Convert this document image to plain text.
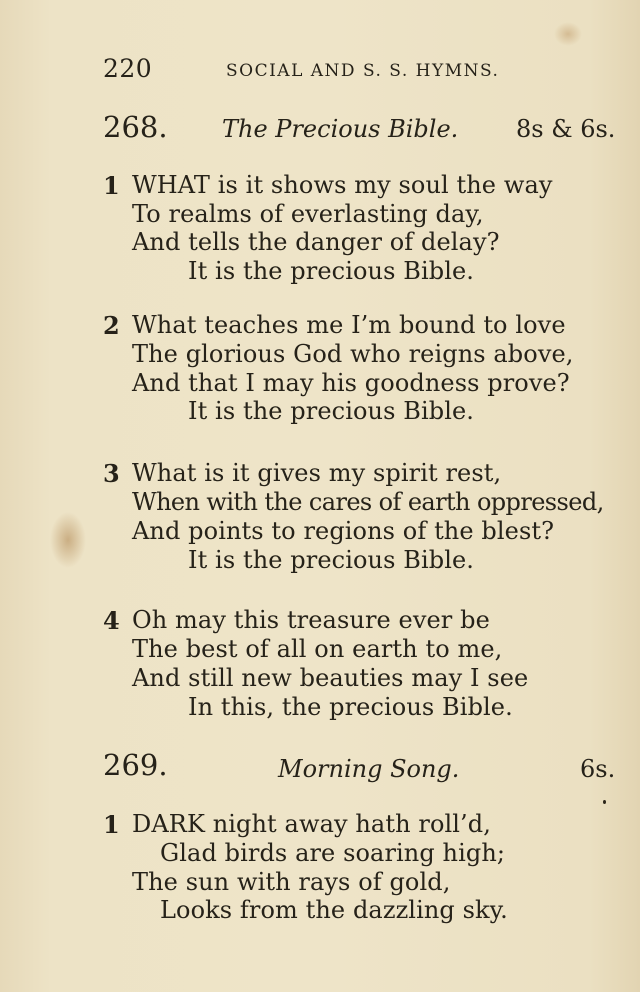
220	SOCIAL AND S. S. HYMNS.
268. The Precious Bible. 8s & 6s.
1 WHAT is it shows my soul the way
To realms of everlasting day,
And tells the danger of delay?
It is the precious Bible.
2 What teaches me I’m bound to love
The glorious God who reigns above,
And that I may his goodness prove?
It is the precious Bible.
3 What is it gives my spirit rest,
When with the cares of earth oppressed,
And points to regions of the blest?
It is the precious Bible.
4 Oh may this treasure ever be
The best of all on earth to me,
And still new beauties may I see
In this, the precious Bible.
269.	Morning Song.	6s.
1 DARK night away hath roll’d,
Glad birds are soaring high;
The sun with rays of gold,
Looks from the dazzling sky.
